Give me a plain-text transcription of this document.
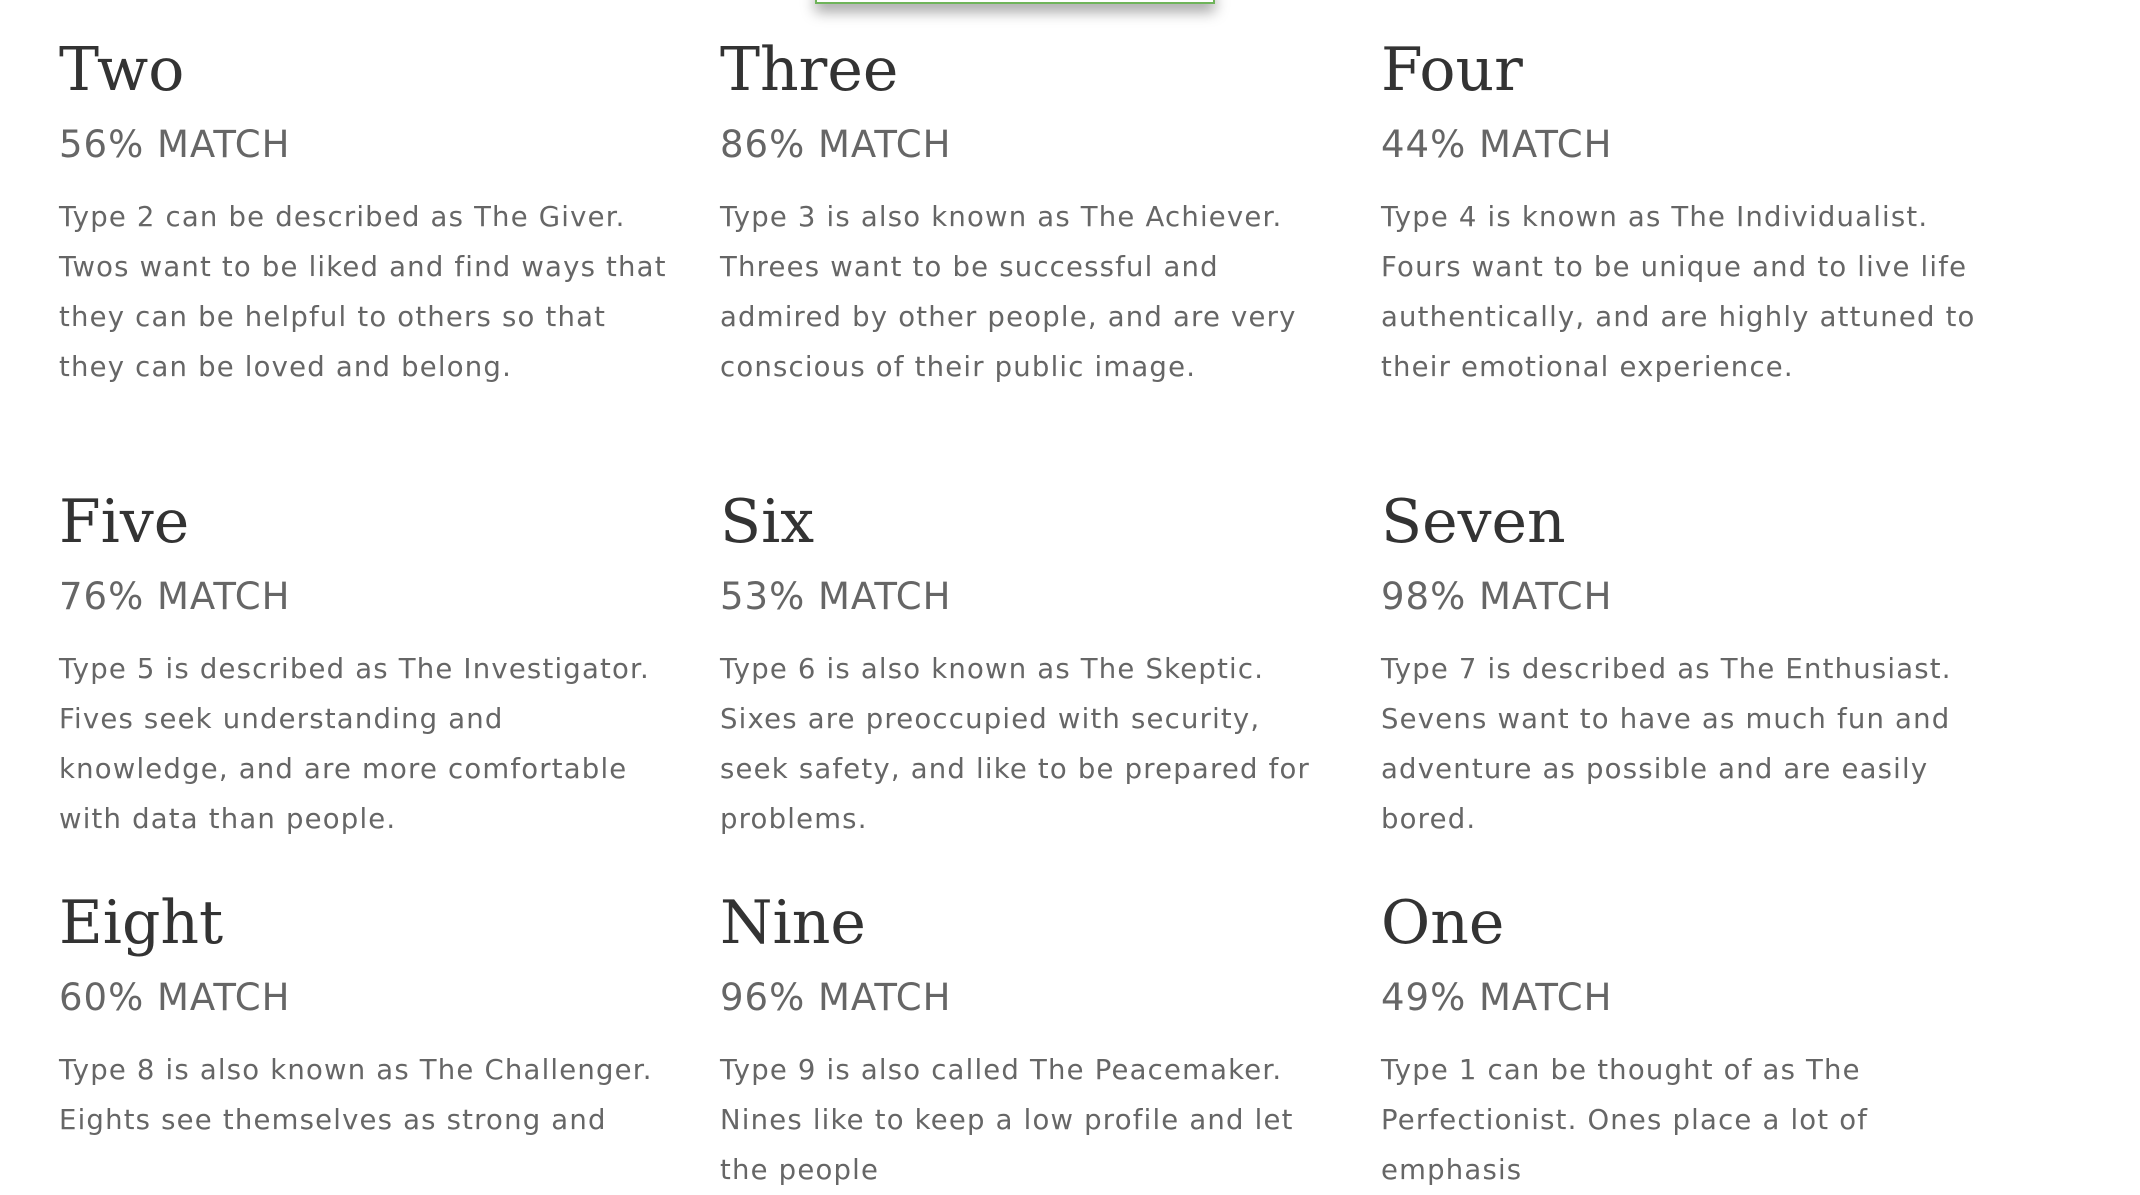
Two
56% MATCH
Type 2 can be described as The Giver. Twos want to be liked and find ways that they can be helpful to others so that they can be loved and belong.
Three
86% MATCH
Type 3 is also known as The Achiever. Threes want to be successful and admired by other people, and are very conscious of their public image.
Four
44% MATCH
Type 4 is known as The Individualist. Fours want to be unique and to live life authentically, and are highly attuned to their emotional experience.
Five
76% MATCH
Type 5 is described as The Investigator. Fives seek understanding and knowledge, and are more comfortable with data than people.
Six
53% MATCH
Type 6 is also known as The Skeptic. Sixes are preoccupied with security, seek safety, and like to be prepared for problems.
Seven
98% MATCH
Type 7 is described as The Enthusiast. Sevens want to have as much fun and adventure as possible and are easily bored.
Eight
60% MATCH
Type 8 is also known as The Challenger. Eights see themselves as strong and
Nine
96% MATCH
Type 9 is also called The Peacemaker. Nines like to keep a low profile and let the people
One
49% MATCH
Type 1 can be thought of as The Perfectionist. Ones place a lot of emphasis
